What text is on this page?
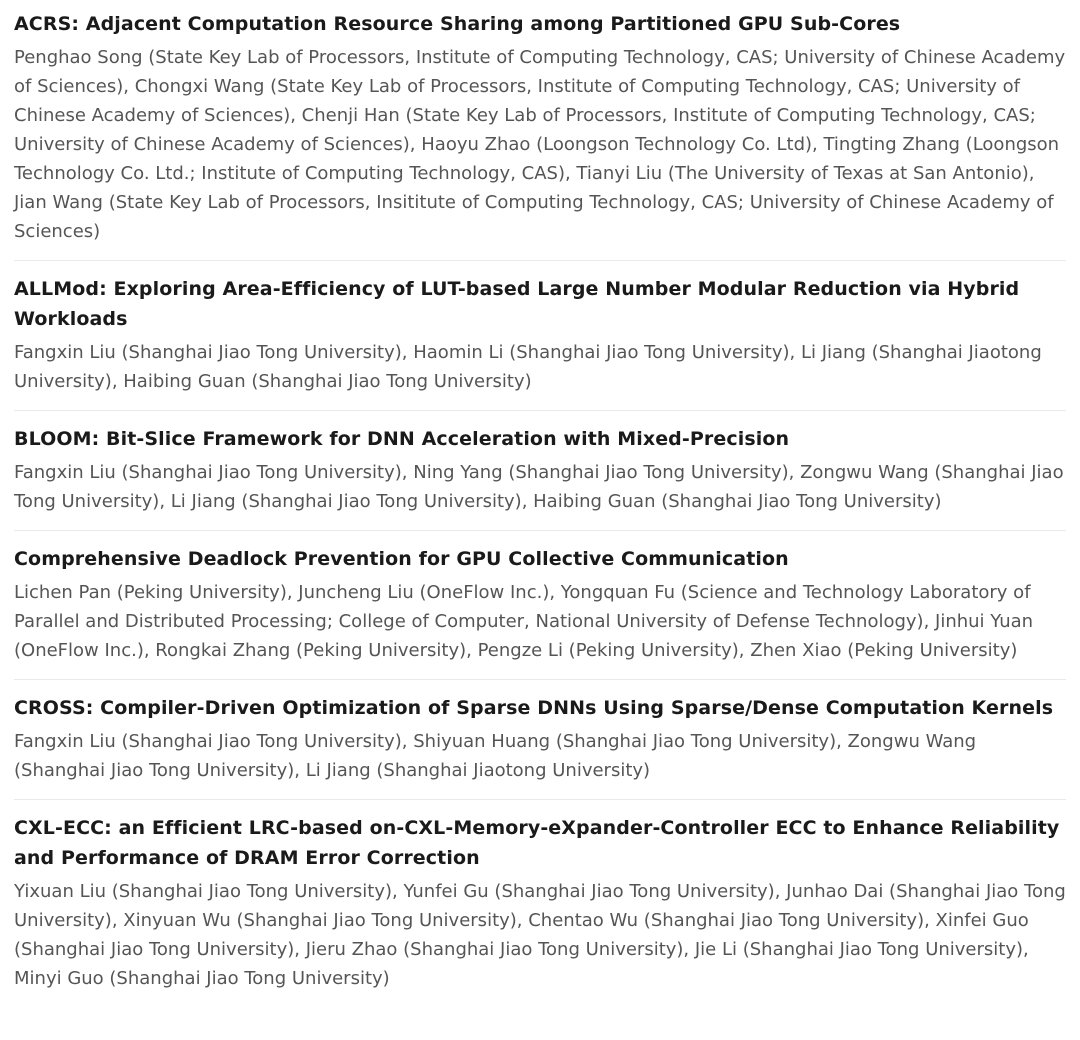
ACRS: Adjacent Computation Resource Sharing among Partitioned GPU Sub-Cores

Penghao Song (State Key Lab of Processors, Institute of Computing Technology, CAS; University of Chinese Academy of Sciences), Chongxi Wang (State Key Lab of Processors, Institute of Computing Technology, CAS; University of Chinese Academy of Sciences), Chenji Han (State Key Lab of Processors, Institute of Computing Technology, CAS; University of Chinese Academy of Sciences), Haoyu Zhao (Loongson Technology Co. Ltd), Tingting Zhang (Loongson Technology Co. Ltd.; Institute of Computing Technology, CAS), Tianyi Liu (The University of Texas at San Antonio), Jian Wang (State Key Lab of Processors, Insititute of Computing Technology, CAS; University of Chinese Academy of Sciences)

ALLMod: Exploring Area-Efficiency of LUT-based Large Number Modular Reduction via Hybrid Workloads

Fangxin Liu (Shanghai Jiao Tong University), Haomin Li (Shanghai Jiao Tong University), Li Jiang (Shanghai Jiaotong University), Haibing Guan (Shanghai Jiao Tong University)

BLOOM: Bit-Slice Framework for DNN Acceleration with Mixed-Precision

Fangxin Liu (Shanghai Jiao Tong University), Ning Yang (Shanghai Jiao Tong University), Zongwu Wang (Shanghai Jiao Tong University), Li Jiang (Shanghai Jiao Tong University), Haibing Guan (Shanghai Jiao Tong University)

Comprehensive Deadlock Prevention for GPU Collective Communication

Lichen Pan (Peking University), Juncheng Liu (OneFlow Inc.), Yongquan Fu (Science and Technology Laboratory of Parallel and Distributed Processing; College of Computer, National University of Defense Technology), Jinhui Yuan (OneFlow Inc.), Rongkai Zhang (Peking University), Pengze Li (Peking University), Zhen Xiao (Peking University)

CROSS: Compiler-Driven Optimization of Sparse DNNs Using Sparse/Dense Computation Kernels

Fangxin Liu (Shanghai Jiao Tong University), Shiyuan Huang (Shanghai Jiao Tong University), Zongwu Wang (Shanghai Jiao Tong University), Li Jiang (Shanghai Jiaotong University)

CXL-ECC: an Efficient LRC-based on-CXL-Memory-eXpander-Controller ECC to Enhance Reliability and Performance of DRAM Error Correction

Yixuan Liu (Shanghai Jiao Tong University), Yunfei Gu (Shanghai Jiao Tong University), Junhao Dai (Shanghai Jiao Tong University), Xinyuan Wu (Shanghai Jiao Tong University), Chentao Wu (Shanghai Jiao Tong University), Xinfei Guo (Shanghai Jiao Tong University), Jieru Zhao (Shanghai Jiao Tong University), Jie Li (Shanghai Jiao Tong University), Minyi Guo (Shanghai Jiao Tong University)
